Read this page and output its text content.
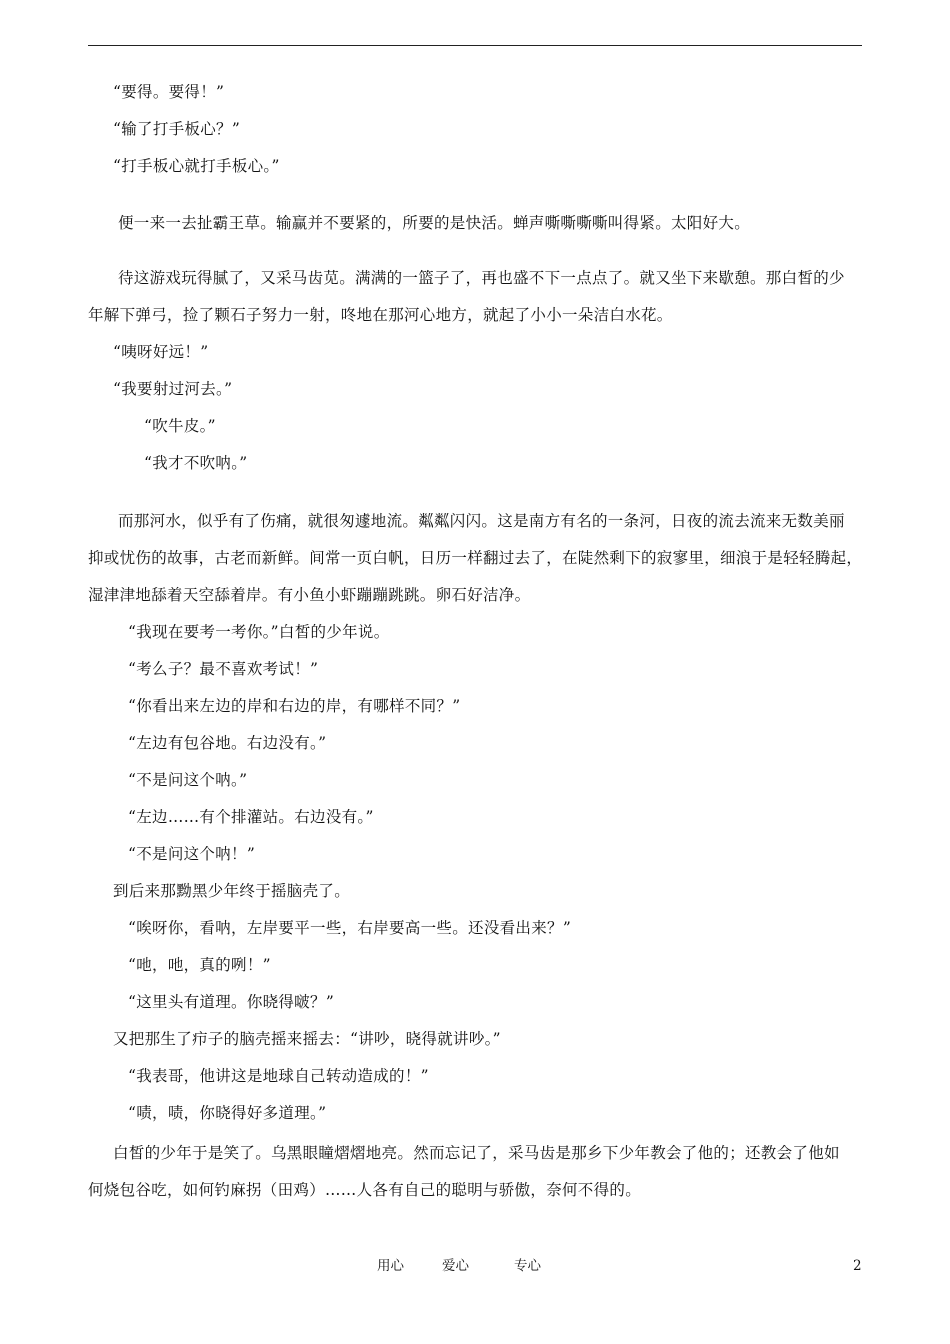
“要得。要得！”
“输了打手板心？”
“打手板心就打手板心。”
便一来一去扯霸王草。输赢并不要紧的，所要的是快活。蝉声嘶嘶嘶嘶叫得紧。太阳好大。
待这游戏玩得腻了，又采马齿苋。满满的一篮子了，再也盛不下一点点了。就又坐下来歇憩。那白皙的少
年解下弹弓，捡了颗石子努力一射，咚地在那河心地方，就起了小小一朵洁白水花。
“咦呀好远！”
“我要射过河去。”
“吹牛皮。”
“我才不吹呐。”
而那河水，似乎有了伤痛，就很匆遽地流。粼粼闪闪。这是南方有名的一条河，日夜的流去流来无数美丽
抑或忧伤的故事，古老而新鲜。间常一页白帆，日历一样翻过去了，在陡然剩下的寂寥里，细浪于是轻轻腾起，
湿津津地舔着天空舔着岸。有小鱼小虾蹦蹦跳跳。卵石好洁净。
“我现在要考一考你。”白皙的少年说。
“考么子？最不喜欢考试！”
“你看出来左边的岸和右边的岸，有哪样不同？”
“左边有包谷地。右边没有。”
“不是问这个呐。”
“左边……有个排灌站。右边没有。”
“不是问这个呐！”
到后来那黝黑少年终于摇脑壳了。
“唉呀你，看呐，左岸要平一些，右岸要高一些。还没看出来？”
“吔，吔，真的咧！”
“这里头有道理。你晓得啵？”
又把那生了疖子的脑壳摇来摇去：“讲吵，晓得就讲吵。”
“我表哥，他讲这是地球自己转动造成的！”
“啧，啧，你晓得好多道理。”
白皙的少年于是笑了。乌黑眼瞳熠熠地亮。然而忘记了，采马齿是那乡下少年教会了他的；还教会了他如
何烧包谷吃，如何钓麻拐（田鸡）……人各有自己的聪明与骄傲，奈何不得的。
用心	爱心	专心	2
